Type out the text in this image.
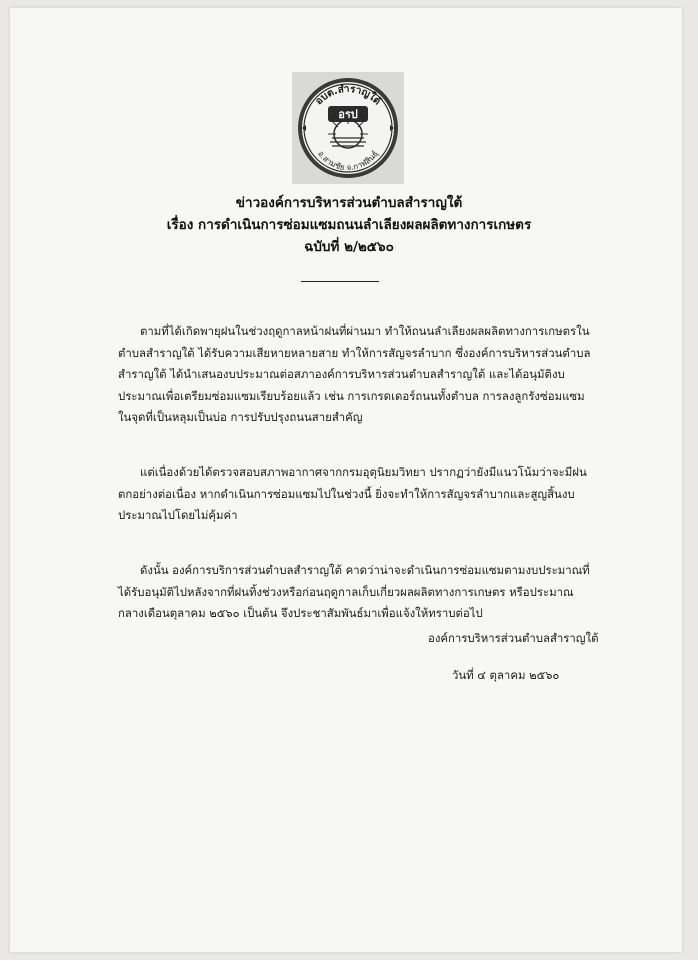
อบต.สำราญใต้
อรป
อ.สามชัย จ.กาฬสินธุ์
ข่าวองค์การบริหารส่วนตำบลสำราญใต้
เรื่อง การดำเนินการซ่อมแซมถนนลำเลียงผลผลิตทางการเกษตร
ฉบับที่ ๒/๒๕๖๐

ตามที่ได้เกิดพายุฝนในช่วงฤดูกาลหน้าฝนที่ผ่านมา ทำให้ถนนลำเลียงผลผลิตทางการเกษตรในตำบลสำราญใต้ ได้รับความเสียหายหลายสาย ทำให้การสัญจรลำบาก ซึ่งองค์การบริหารส่วนตำบลสำราญใต้ ได้นำเสนองบประมาณต่อสภาองค์การบริหารส่วนตำบลสำราญใต้ และได้อนุมัติงบประมาณเพื่อเตรียมซ่อมแซมเรียบร้อยแล้ว เช่น การเกรดเดอร์ถนนทั้งตำบล การลงลูกรังซ่อมแซมในจุดที่เป็นหลุมเป็นบ่อ การปรับปรุงถนนสายสำคัญ

แต่เนื่องด้วยได้ตรวจสอบสภาพอากาศจากกรมอุตุนิยมวิทยา ปรากฏว่ายังมีแนวโน้มว่าจะมีฝนตกอย่างต่อเนื่อง หากดำเนินการซ่อมแซมไปในช่วงนี้ ยิ่งจะทำให้การสัญจรลำบากและสูญสิ้นงบประมาณไปโดยไม่คุ้มค่า

ดังนั้น องค์การบริการส่วนตำบลสำราญใต้ คาดว่าน่าจะดำเนินการซ่อมแซมตามงบประมาณที่ได้รับอนุมัติไปหลังจากที่ฝนทิ้งช่วงหรือก่อนฤดูกาลเก็บเกี่ยวผลผลิตทางการเกษตร หรือประมาณกลางเดือนตุลาคม ๒๕๖๐ เป็นต้น จึงประชาสัมพันธ์มาเพื่อแจ้งให้ทราบต่อไป

องค์การบริหารส่วนตำบลสำราญใต้
วันที่ ๔ ตุลาคม ๒๕๖๐
